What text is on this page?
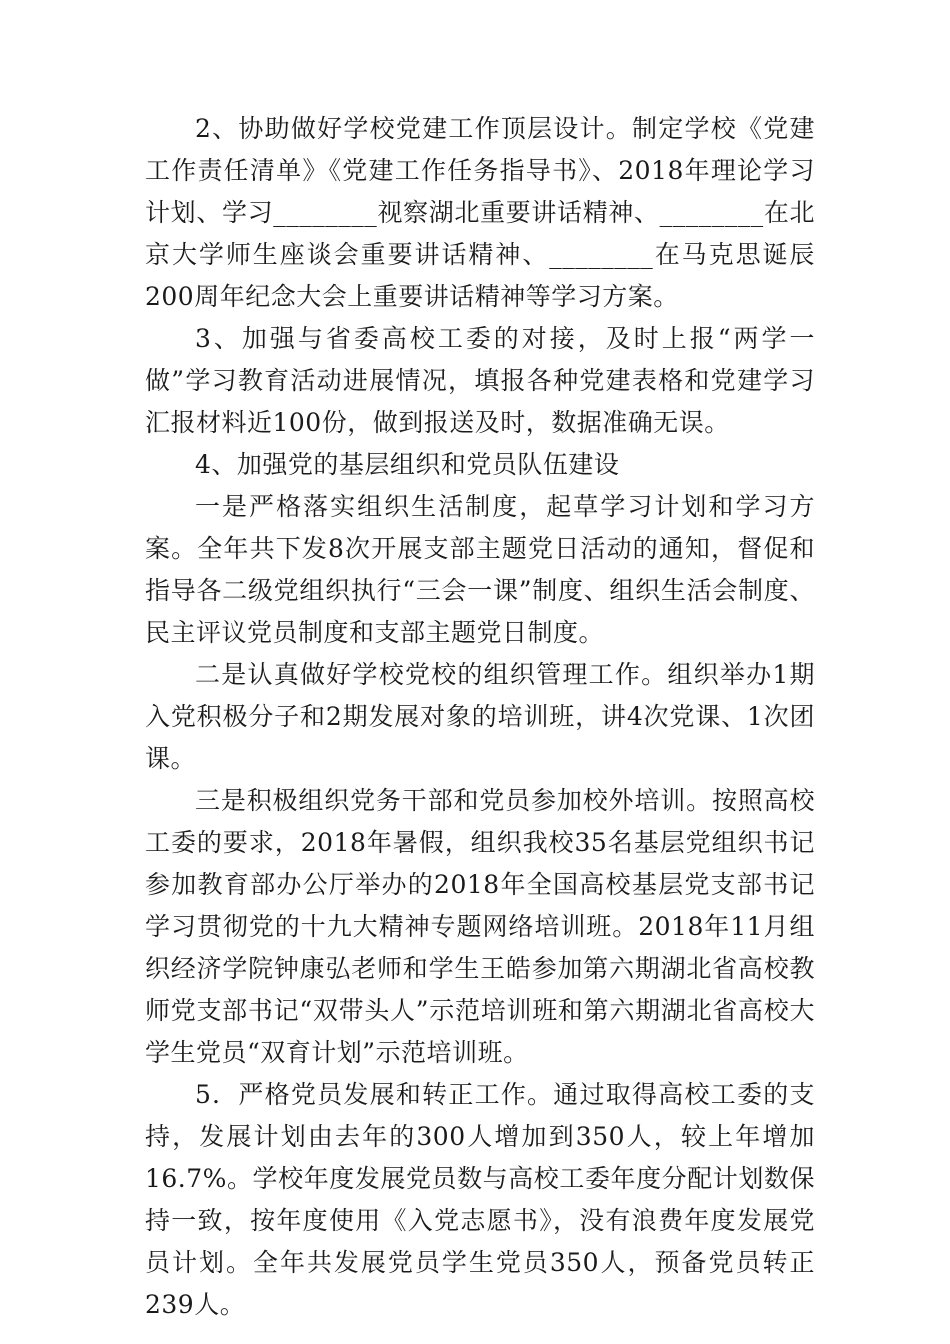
2、协助做好学校党建工作顶层设计。制定学校《党建工作责任清单》《党建工作任务指导书》、2018年理论学习计划、学习________视察湖北重要讲话精神、________在北京大学师生座谈会重要讲话精神、________在马克思诞辰200周年纪念大会上重要讲话精神等学习方案。

3、加强与省委高校工委的对接，及时上报“两学一做”学习教育活动进展情况，填报各种党建表格和党建学习汇报材料近100份，做到报送及时，数据准确无误。

4、加强党的基层组织和党员队伍建设

一是严格落实组织生活制度，起草学习计划和学习方案。全年共下发8次开展支部主题党日活动的通知，督促和指导各二级党组织执行“三会一课”制度、组织生活会制度、民主评议党员制度和支部主题党日制度。

二是认真做好学校党校的组织管理工作。组织举办1期入党积极分子和2期发展对象的培训班，讲4次党课、1次团课。

三是积极组织党务干部和党员参加校外培训。按照高校工委的要求，2018年暑假，组织我校35名基层党组织书记参加教育部办公厅举办的2018年全国高校基层党支部书记学习贯彻党的十九大精神专题网络培训班。2018年11月组织经济学院钟康弘老师和学生王皓参加第六期湖北省高校教师党支部书记“双带头人”示范培训班和第六期湖北省高校大学生党员“双育计划”示范培训班。

5．严格党员发展和转正工作。通过取得高校工委的支持，发展计划由去年的300人增加到350人，较上年增加16.7%。学校年度发展党员数与高校工委年度分配计划数保持一致，按年度使用《入党志愿书》，没有浪费年度发展党员计划。全年共发展党员学生党员350人，预备党员转正239人。
